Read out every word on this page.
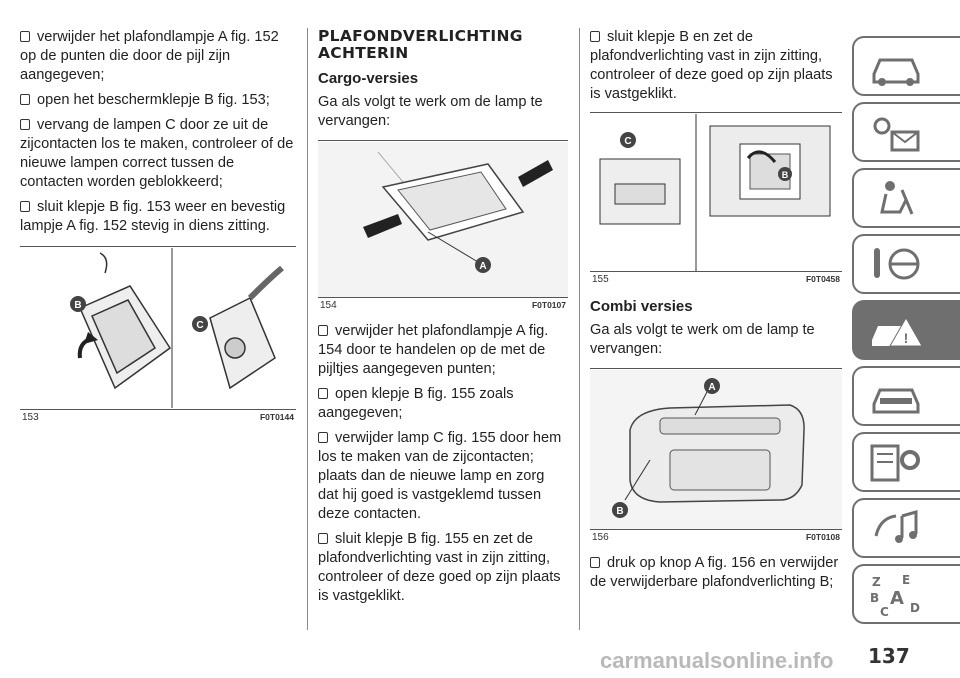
verwijder het plafondlampje A fig. 152 op de punten die door de pijl zijn aangegeven;

open het beschermklepje B fig. 153;

vervang de lampen C door ze uit de zijcontacten los te maken, controleer of de nieuwe lampen correct tussen de contacten worden geblokkeerd;

sluit klepje B fig. 153 weer en bevestig lampje A fig. 152 stevig in diens zitting.

B
C
153	F0T0144
PLAFONDVERLICHTING ACHTERIN
Cargo-versies

Ga als volgt te werk om de lamp te vervangen:

A
154	F0T0107

verwijder het plafondlampje A fig. 154 door te handelen op de met de pijltjes aangegeven punten;

open klepje B fig. 155 zoals aangegeven;

verwijder lamp C fig. 155 door hem los te maken van de zijcontacten; plaats dan de nieuwe lamp en zorg dat hij goed is vastgeklemd tussen deze contacten.

sluit klepje B fig. 155 en zet de plafondverlichting vast in zijn zitting, controleer of deze goed op zijn plaats is vastgeklikt.

sluit klepje B en zet de plafondverlichting vast in zijn zitting, controleer of deze goed op zijn plaats is vastgeklikt.

C
B
155	F0T0458
Combi versies

Ga als volgt te werk om de lamp te vervangen:

A
B
156	F0T0108

druk op knop A fig. 156 en verwijder de verwijderbare plafondverlichting B;

!
Z E
B A
C D
137
carmanualsonline.info
